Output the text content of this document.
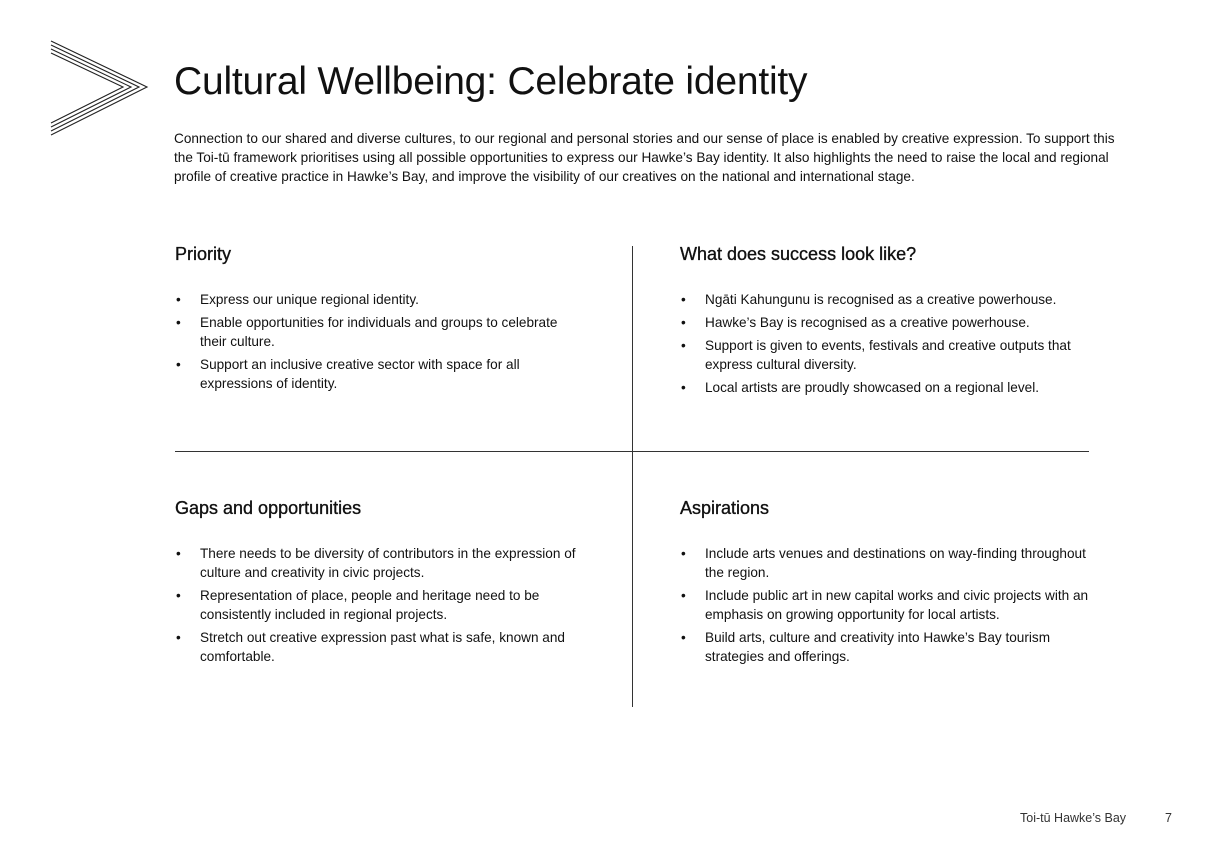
Cultural Wellbeing: Celebrate identity

Connection to our shared and diverse cultures, to our regional and personal stories and our sense of place is enabled by creative expression. To support this the Toi-tū framework prioritises using all possible opportunities to express our Hawke’s Bay identity. It also highlights the need to raise the local and regional profile of creative practice in Hawke’s Bay, and improve the visibility of our creatives on the national and international stage.

Priority
• Express our unique regional identity.
• Enable opportunities for individuals and groups to celebrate their culture.
• Support an inclusive creative sector with space for all expressions of identity.
What does success look like?
• Ngāti Kahungunu is recognised as a creative powerhouse.
• Hawke’s Bay is recognised as a creative powerhouse.
• Support is given to events, festivals and creative outputs that express cultural diversity.
• Local artists are proudly showcased on a regional level.
Gaps and opportunities
• There needs to be diversity of contributors in the expression of culture and creativity in civic projects.
• Representation of place, people and heritage need to be consistently included in regional projects.
• Stretch out creative expression past what is safe, known and comfortable.
Aspirations
• Include arts venues and destinations on way-finding throughout the region.
• Include public art in new capital works and civic projects with an emphasis on growing opportunity for local artists.
• Build arts, culture and creativity into Hawke’s Bay tourism strategies and offerings.
Toi-tū Hawke’s Bay	7
